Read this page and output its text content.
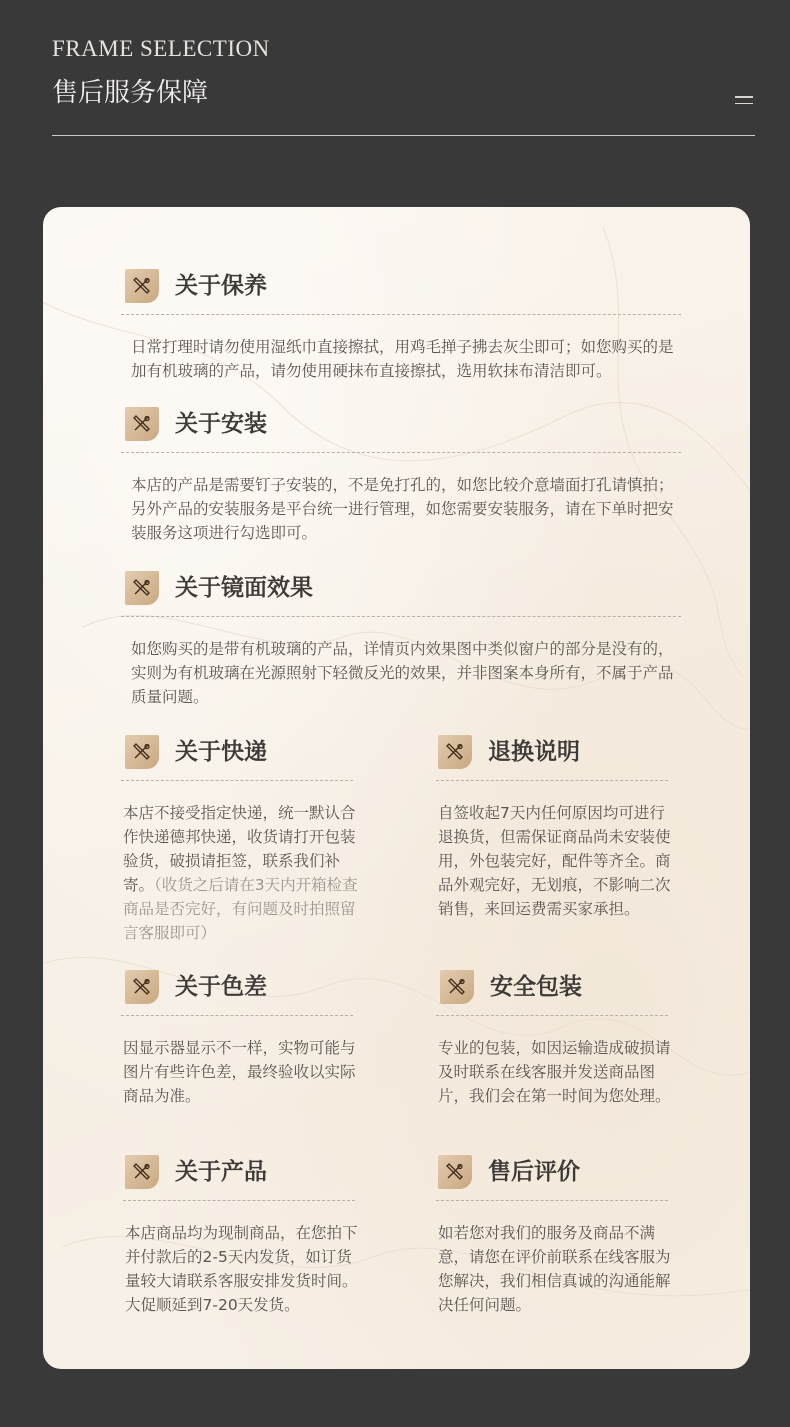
FRAME SELECTION
售后服务保障
关于保养

日常打理时请勿使用湿纸巾直接擦拭，用鸡毛掸子拂去灰尘即可；如您购买的是加有机玻璃的产品，请勿使用硬抹布直接擦拭，选用软抹布清洁即可。

关于安装

本店的产品是需要钉子安装的，不是免打孔的，如您比较介意墙面打孔请慎拍；另外产品的安装服务是平台统一进行管理，如您需要安装服务，请在下单时把安装服务这项进行勾选即可。

关于镜面效果

如您购买的是带有机玻璃的产品，详情页内效果图中类似窗户的部分是没有的，实则为有机玻璃在光源照射下轻微反光的效果，并非图案本身所有，不属于产品质量问题。

关于快递

本店不接受指定快递，统一默认合作快递德邦快递，收货请打开包装验货，破损请拒签，联系我们补寄。（收货之后请在3天内开箱检查商品是否完好，有问题及时拍照留言客服即可）

退换说明

自签收起7天内任何原因均可进行退换货，但需保证商品尚未安装使用，外包装完好，配件等齐全。商品外观完好，无划痕，不影响二次销售，来回运费需买家承担。

关于色差

因显示器显示不一样，实物可能与图片有些许色差，最终验收以实际商品为准。

安全包装

专业的包装，如因运输造成破损请及时联系在线客服并发送商品图片，我们会在第一时间为您处理。

关于产品

本店商品均为现制商品，在您拍下并付款后的2-5天内发货，如订货量较大请联系客服安排发货时间。大促顺延到7-20天发货。

售后评价

如若您对我们的服务及商品不满意，请您在评价前联系在线客服为您解决，我们相信真诚的沟通能解决任何问题。
